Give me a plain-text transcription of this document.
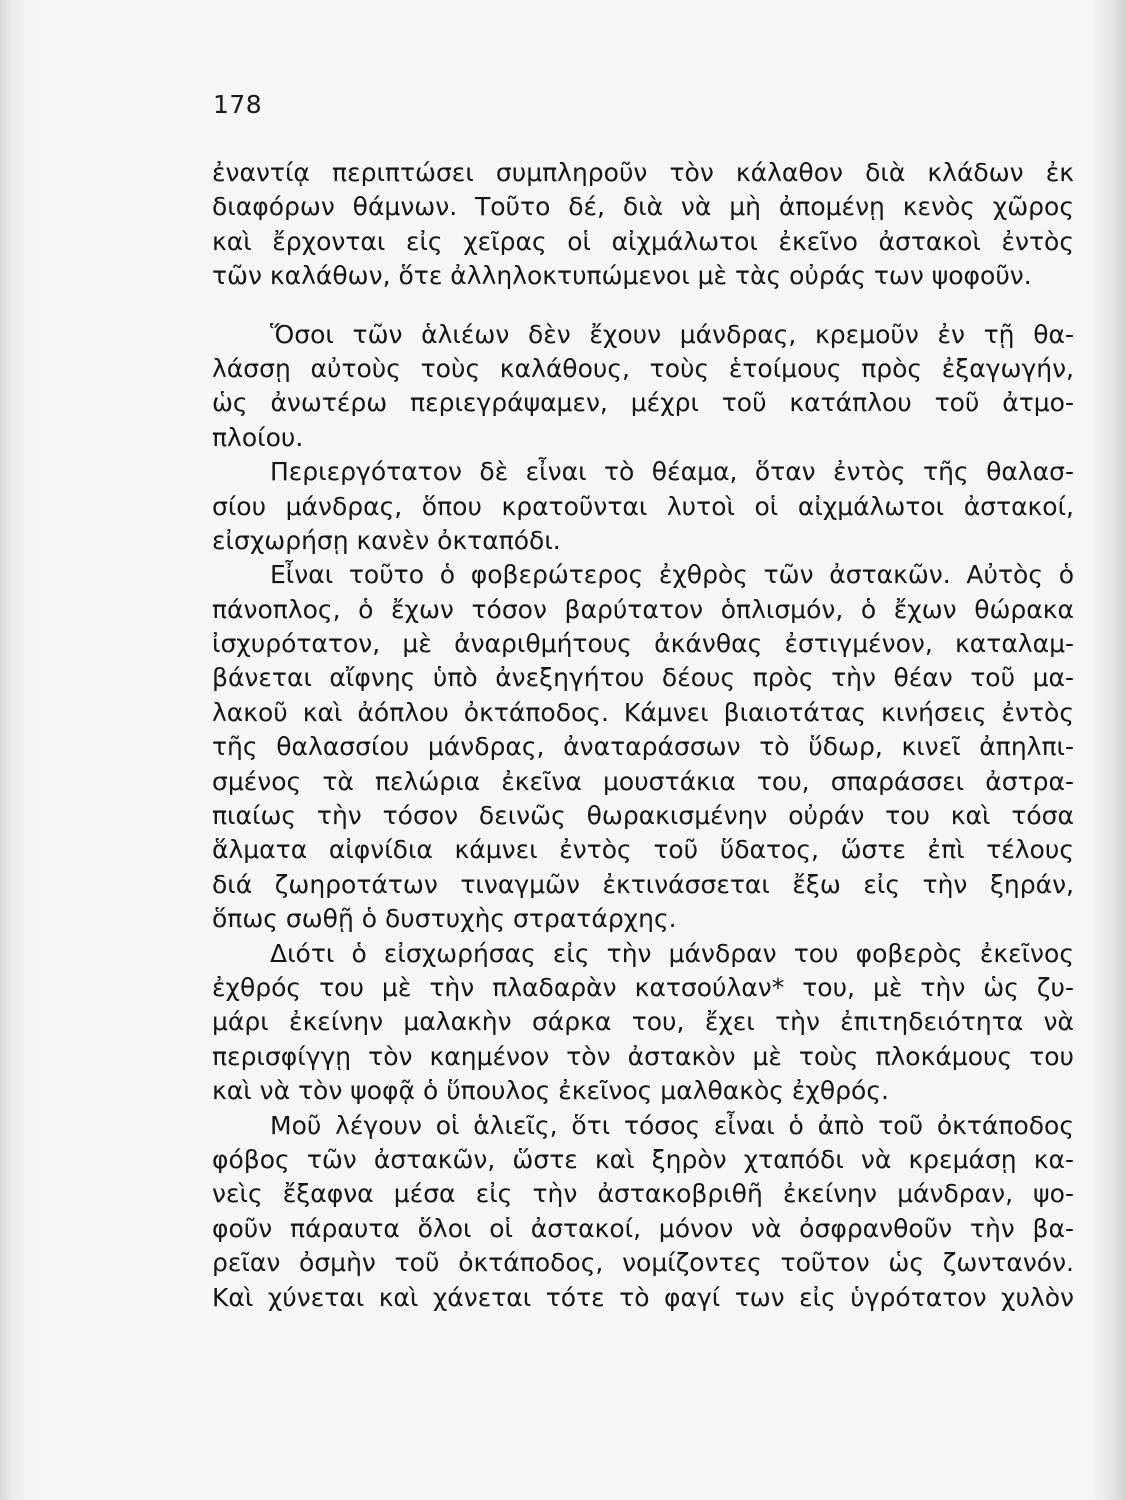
178
ἐναντίᾳ περιπτώσει συμπληροῦν τὸν κάλαθον διὰ κλάδων ἐκ
διαφόρων θάμνων. Τοῦτο δέ, διὰ νὰ μὴ ἀπομένῃ κενὸς χῶρος
καὶ ἔρχονται εἰς χεῖρας οἱ αἰχμάλωτοι ἐκεῖνο ἀστακοὶ ἐντὸς
τῶν καλάθων, ὅτε ἀλληλοκτυπώμενοι μὲ τὰς οὐράς των ψοφοῦν.
Ὅσοι τῶν ἁλιέων δὲν ἔχουν μάνδρας, κρεμοῦν ἐν τῇ θα-
λάσσῃ αὐτοὺς τοὺς καλάθους, τοὺς ἑτοίμους πρὸς ἐξαγωγήν,
ὡς ἀνωτέρω περιεγράψαμεν, μέχρι τοῦ κατάπλου τοῦ ἀτμο-
πλοίου.
Περιεργότατον δὲ εἶναι τὸ θέαμα, ὅταν ἐντὸς τῆς θαλασ-
σίου μάνδρας, ὅπου κρατοῦνται λυτοὶ οἱ αἰχμάλωτοι ἀστακοί,
εἰσχωρήσῃ κανὲν ὀκταπόδι.
Εἶναι τοῦτο ὁ φοβερώτερος ἐχθρὸς τῶν ἀστακῶν. Αὐτὸς ὁ
πάνοπλος, ὁ ἔχων τόσον βαρύτατον ὁπλισμόν, ὁ ἔχων θώρακα
ἰσχυρότατον, μὲ ἀναριθμήτους ἀκάνθας ἐστιγμένον, καταλαμ-
βάνεται αἴφνης ὑπὸ ἀνεξηγήτου δέους πρὸς τὴν θέαν τοῦ μα-
λακοῦ καὶ ἀόπλου ὀκτάποδος. Κάμνει βιαιοτάτας κινήσεις ἐντὸς
τῆς θαλασσίου μάνδρας, ἀναταράσσων τὸ ὕδωρ, κινεῖ ἀπηλπι-
σμένος τὰ πελώρια ἐκεῖνα μουστάκια του, σπαράσσει ἀστρα-
πιαίως τὴν τόσον δεινῶς θωρακισμένην οὐράν του καὶ τόσα
ἅλματα αἰφνίδια κάμνει ἐντὸς τοῦ ὕδατος, ὥστε ἐπὶ τέλους
διά ζωηροτάτων τιναγμῶν ἐκτινάσσεται ἔξω εἰς τὴν ξηράν,
ὅπως σωθῇ ὁ δυστυχὴς στρατάρχης.
Διότι ὁ εἰσχωρήσας εἰς τὴν μάνδραν του φοβερὸς ἐκεῖνος
ἐχθρός του μὲ τὴν πλαδαρὰν κατσούλαν* του, μὲ τὴν ὡς ζυ-
μάρι ἐκείνην μαλακὴν σάρκα του, ἔχει τὴν ἐπιτηδειότητα νὰ
περισφίγγῃ τὸν καημένον τὸν ἀστακὸν μὲ τοὺς πλοκάμους του
καὶ νὰ τὸν ψοφᾷ ὁ ὕπουλος ἐκεῖνος μαλθακὸς ἐχθρός.
Μοῦ λέγουν οἱ ἁλιεῖς, ὅτι τόσος εἶναι ὁ ἀπὸ τοῦ ὀκτάποδος
φόβος τῶν ἀστακῶν, ὥστε καὶ ξηρὸν χταπόδι νὰ κρεμάσῃ κα-
νεὶς ἔξαφνα μέσα εἰς τὴν ἀστακοβριθῆ ἐκείνην μάνδραν, ψο-
φοῦν πάραυτα ὅλοι οἱ ἀστακοί, μόνον νὰ ὀσφρανθοῦν τὴν βα-
ρεῖαν ὀσμὴν τοῦ ὀκτάποδος, νομίζοντες τοῦτον ὡς ζωντανόν.
Καὶ χύνεται καὶ χάνεται τότε τὸ φαγί των εἰς ὑγρότατον χυλὸν
